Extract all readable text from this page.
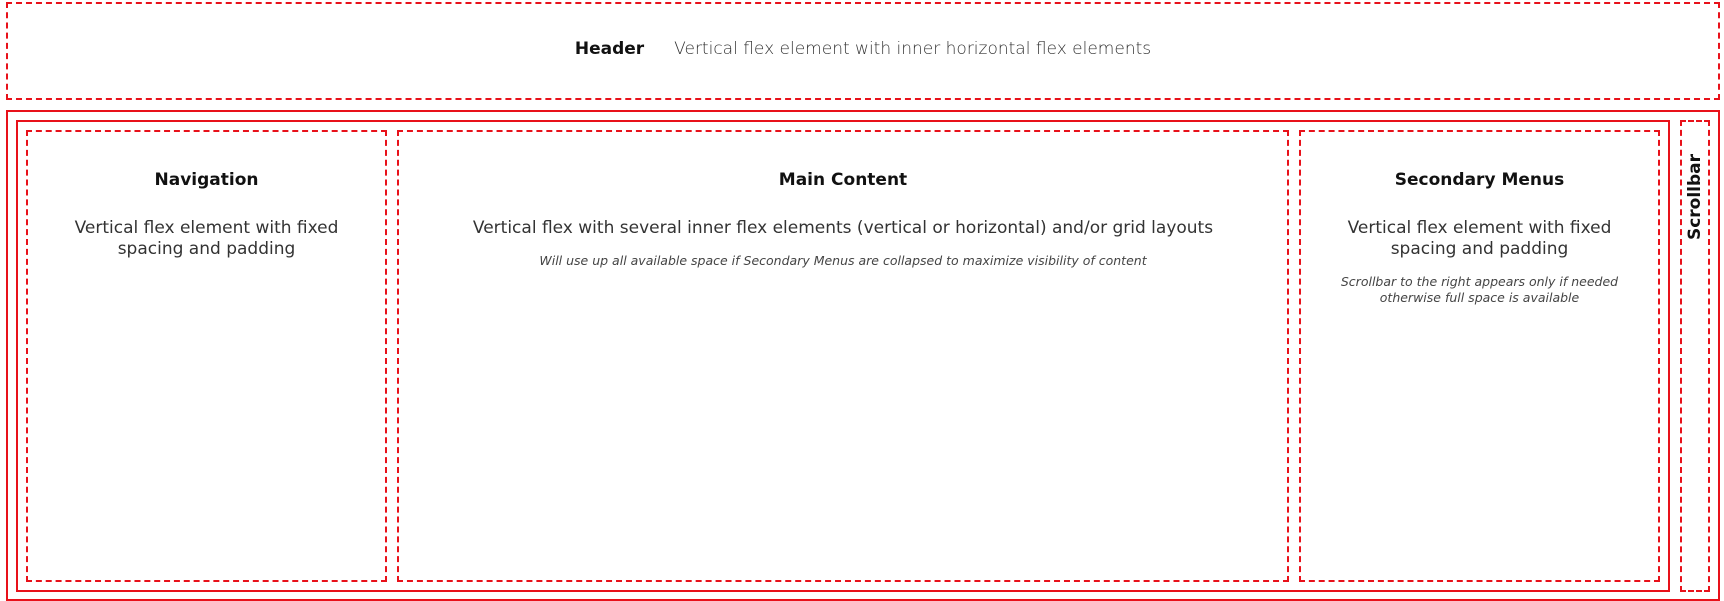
Header Vertical flex element with inner horizontal flex elements
Navigation
Vertical flex element with fixed spacing and padding
Main Content
Vertical flex with several inner flex elements (vertical or horizontal) and/or grid layouts
Will use up all available space if Secondary Menus are collapsed to maximize visibility of content
Secondary Menus
Vertical flex element with fixed spacing and padding
Scrollbar to the right appears only if needed otherwise full space is available
Scrollbar
